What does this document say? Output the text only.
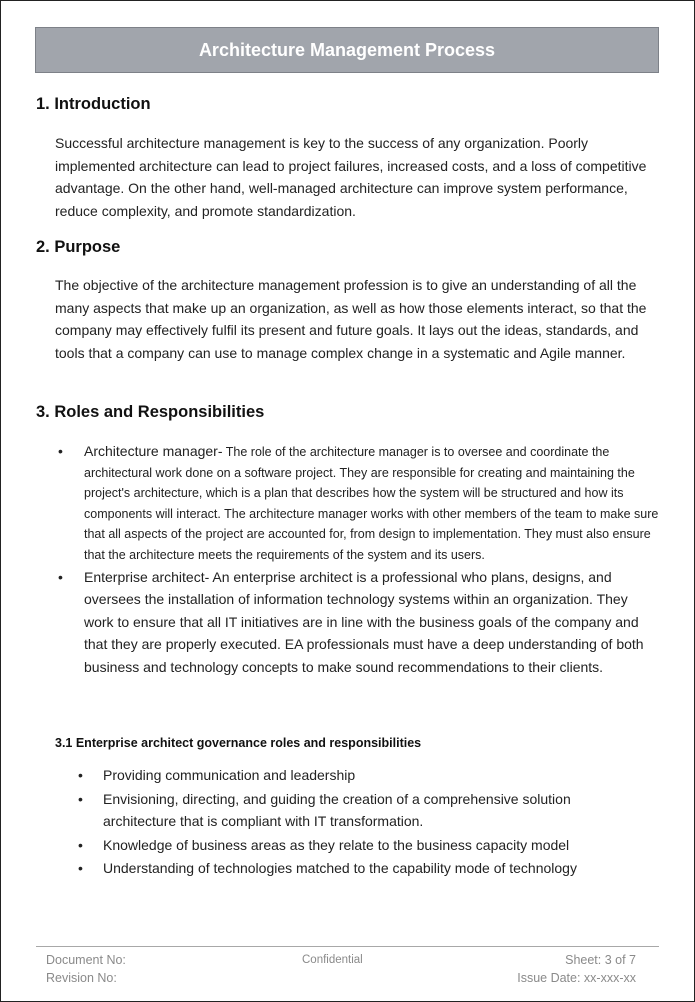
Architecture Management Process
1. Introduction
Successful architecture management is key to the success of any organization. Poorly implemented architecture can lead to project failures, increased costs, and a loss of competitive advantage. On the other hand, well-managed architecture can improve system performance, reduce complexity, and promote standardization.
2. Purpose
The objective of the architecture management profession is to give an understanding of all the many aspects that make up an organization, as well as how those elements interact, so that the company may effectively fulfil its present and future goals. It lays out the ideas, standards, and tools that a company can use to manage complex change in a systematic and Agile manner.
3. Roles and Responsibilities
• Architecture manager- The role of the architecture manager is to oversee and coordinate the architectural work done on a software project. They are responsible for creating and maintaining the project's architecture, which is a plan that describes how the system will be structured and how its components will interact. The architecture manager works with other members of the team to make sure that all aspects of the project are accounted for, from design to implementation. They must also ensure that the architecture meets the requirements of the system and its users.
• Enterprise architect- An enterprise architect is a professional who plans, designs, and oversees the installation of information technology systems within an organization. They work to ensure that all IT initiatives are in line with the business goals of the company and that they are properly executed. EA professionals must have a deep understanding of both business and technology concepts to make sound recommendations to their clients.
3.1 Enterprise architect governance roles and responsibilities
• Providing communication and leadership
• Envisioning, directing, and guiding the creation of a comprehensive solution architecture that is compliant with IT transformation.
• Knowledge of business areas as they relate to the business capacity model
• Understanding of technologies matched to the capability mode of technology
Document No:
Revision No:
Confidential	Sheet: 3 of 7
Issue Date: xx-xxx-xx
